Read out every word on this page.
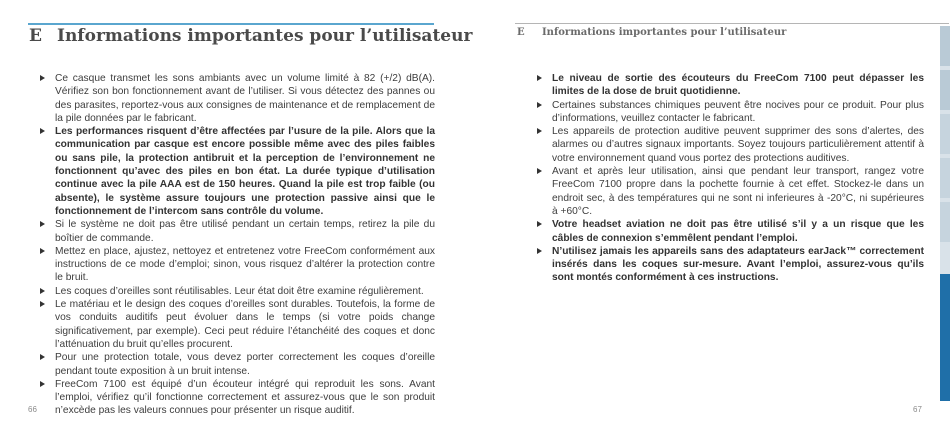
E Informations importantes pour l’utilisateur
Ce casque transmet les sons ambiants avec un volume limité à 82 (+/2) dB(A). Vérifiez son bon fonctionnement avant de l’utiliser. Si vous détectez des pannes ou des parasites, reportez-vous aux consignes de maintenance et de remplacement de la pile données par le fabricant.
Les performances risquent d’être affectées par l’usure de la pile. Alors que la communication par casque est encore possible même avec des piles faibles ou sans pile, la protection antibruit et la perception de l’environnement ne fonctionnent qu’avec des piles en bon état. La durée typique d’utilisation continue avec la pile AAA est de 150 heures. Quand la pile est trop faible (ou absente), le système assure toujours une protection passive ainsi que le fonctionnement de l’intercom sans contrôle du volume.
Si le système ne doit pas être utilisé pendant un certain temps, retirez la pile du boîtier de commande.
Mettez en place, ajustez, nettoyez et entretenez votre FreeCom conformément aux instructions de ce mode d’emploi; sinon, vous risquez d’altérer la protection contre le bruit.
Les coques d’oreilles sont réutilisables. Leur état doit être examine régulièrement.
Le matériau et le design des coques d’oreilles sont durables. Toutefois, la forme de vos conduits auditifs peut évoluer dans le temps (si votre poids change significativement, par exemple). Ceci peut réduire l’étanchéité des coques et donc l’atténuation du bruit qu’elles procurent.
Pour une protection totale, vous devez porter correctement les coques d’oreille pendant toute exposition à un bruit intense.
FreeCom 7100 est équipé d’un écouteur intégré qui reproduit les sons. Avant l’emploi, vérifiez qu’il fonctionne correctement et assurez-vous que le son produit n’excède pas les valeurs connues pour présenter un risque auditif.
66
E Informations importantes pour l’utilisateur
Le niveau de sortie des écouteurs du FreeCom 7100 peut dépasser les limites de la dose de bruit quotidienne.
Certaines substances chimiques peuvent être nocives pour ce produit. Pour plus d’informations, veuillez contacter le fabricant.
Les appareils de protection auditive peuvent supprimer des sons d’alertes, des alarmes ou d’autres signaux importants. Soyez toujours particulièrement attentif à votre environnement quand vous portez des protections auditives.
Avant et après leur utilisation, ainsi que pendant leur transport, rangez votre FreeCom 7100 propre dans la pochette fournie à cet effet. Stockez-le dans un endroit sec, à des températures qui ne sont ni inferieures à -20°C, ni supérieures à +60°C.
Votre headset aviation ne doit pas être utilisé s’il y a un risque que les câbles de connexion s’emmêlent pendant l’emploi.
N’utilisez jamais les appareils sans des adaptateurs earJack™ correctement insérés dans les coques sur-mesure. Avant l’emploi, assurez-vous qu’ils sont montés conformément à ces instructions.
67
